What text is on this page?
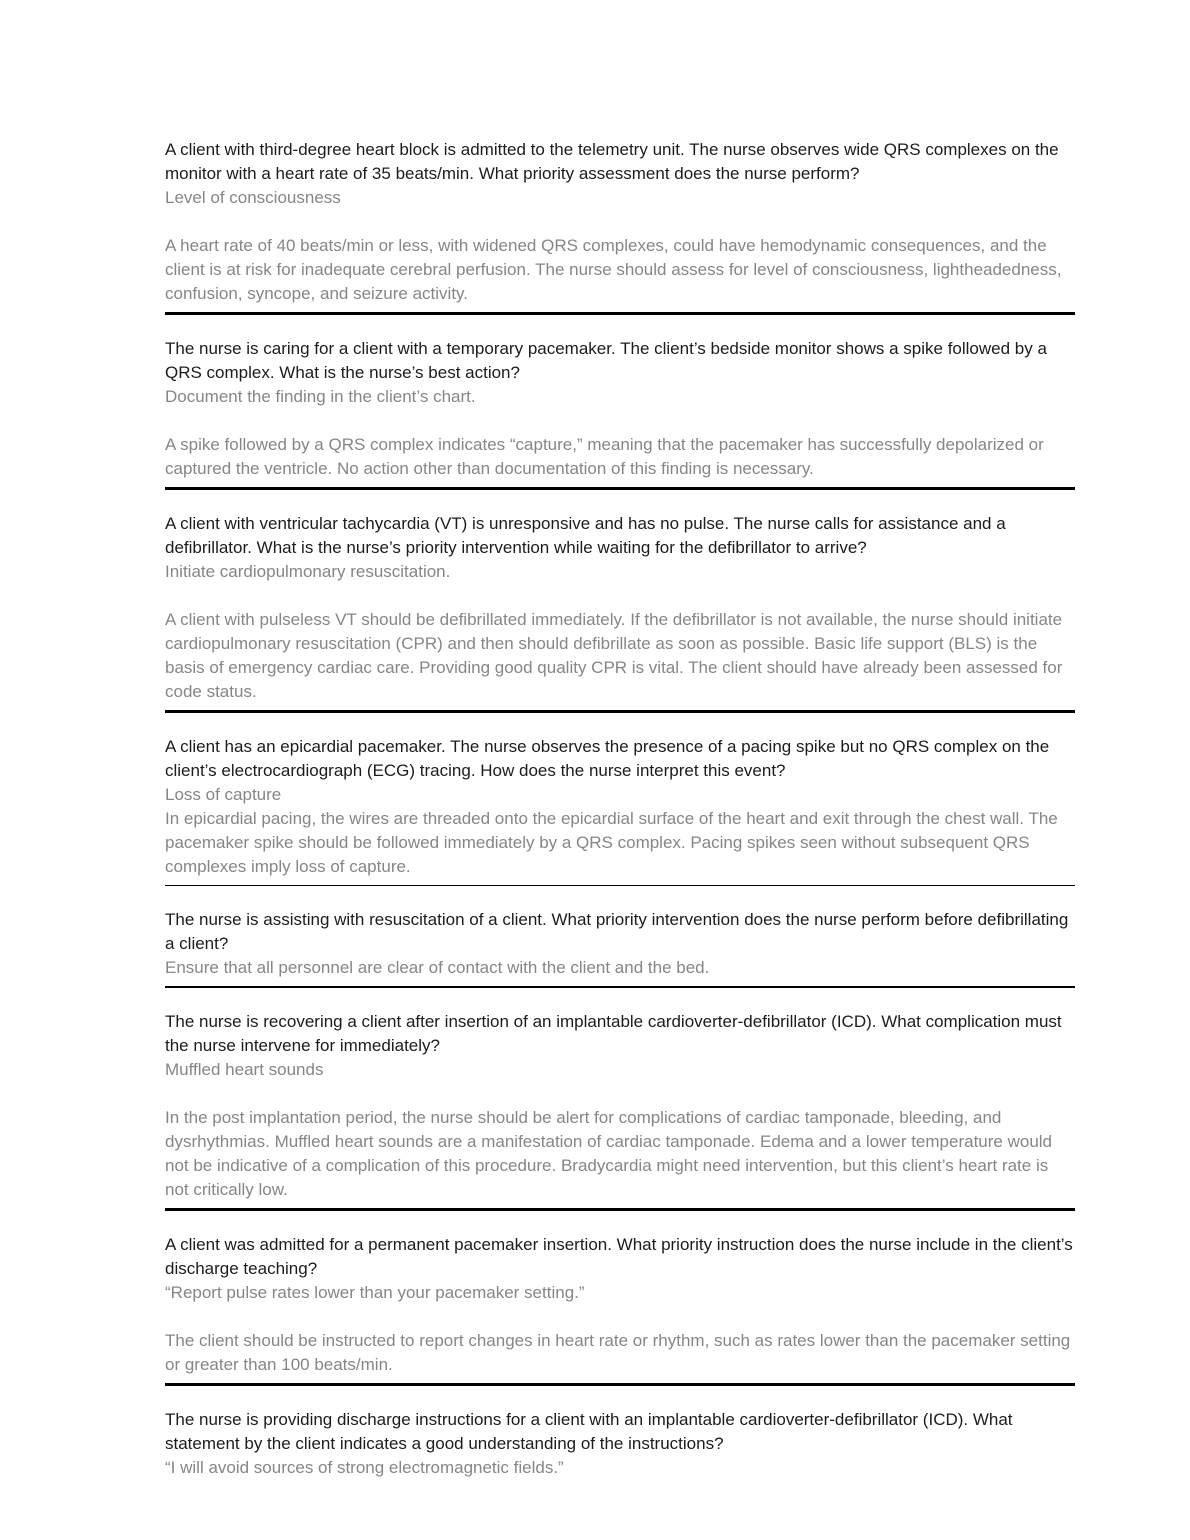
A client with third-degree heart block is admitted to the telemetry unit. The nurse observes wide QRS complexes on the monitor with a heart rate of 35 beats/min. What priority assessment does the nurse perform?

Level of consciousness

A heart rate of 40 beats/min or less, with widened QRS complexes, could have hemodynamic consequences, and the client is at risk for inadequate cerebral perfusion. The nurse should assess for level of consciousness, lightheadedness, confusion, syncope, and seizure activity.

The nurse is caring for a client with a temporary pacemaker. The client’s bedside monitor shows a spike followed by a QRS complex. What is the nurse’s best action?

Document the finding in the client’s chart.

A spike followed by a QRS complex indicates “capture,” meaning that the pacemaker has successfully depolarized or captured the ventricle. No action other than documentation of this finding is necessary.

A client with ventricular tachycardia (VT) is unresponsive and has no pulse. The nurse calls for assistance and a defibrillator. What is the nurse’s priority intervention while waiting for the defibrillator to arrive?

Initiate cardiopulmonary resuscitation.

A client with pulseless VT should be defibrillated immediately. If the defibrillator is not available, the nurse should initiate cardiopulmonary resuscitation (CPR) and then should defibrillate as soon as possible. Basic life support (BLS) is the basis of emergency cardiac care. Providing good quality CPR is vital. The client should have already been assessed for code status.

A client has an epicardial pacemaker. The nurse observes the presence of a pacing spike but no QRS complex on the client’s electrocardiograph (ECG) tracing. How does the nurse interpret this event?

Loss of capture

In epicardial pacing, the wires are threaded onto the epicardial surface of the heart and exit through the chest wall. The pacemaker spike should be followed immediately by a QRS complex. Pacing spikes seen without subsequent QRS complexes imply loss of capture.

The nurse is assisting with resuscitation of a client. What priority intervention does the nurse perform before defibrillating a client?

Ensure that all personnel are clear of contact with the client and the bed.

The nurse is recovering a client after insertion of an implantable cardioverter-defibrillator (ICD). What complication must the nurse intervene for immediately?

Muffled heart sounds

In the post implantation period, the nurse should be alert for complications of cardiac tamponade, bleeding, and dysrhythmias. Muffled heart sounds are a manifestation of cardiac tamponade. Edema and a lower temperature would not be indicative of a complication of this procedure. Bradycardia might need intervention, but this client’s heart rate is not critically low.

A client was admitted for a permanent pacemaker insertion. What priority instruction does the nurse include in the client’s discharge teaching?

“Report pulse rates lower than your pacemaker setting.”

The client should be instructed to report changes in heart rate or rhythm, such as rates lower than the pacemaker setting or greater than 100 beats/min.

The nurse is providing discharge instructions for a client with an implantable cardioverter-defibrillator (ICD). What statement by the client indicates a good understanding of the instructions?

“I will avoid sources of strong electromagnetic fields.”
